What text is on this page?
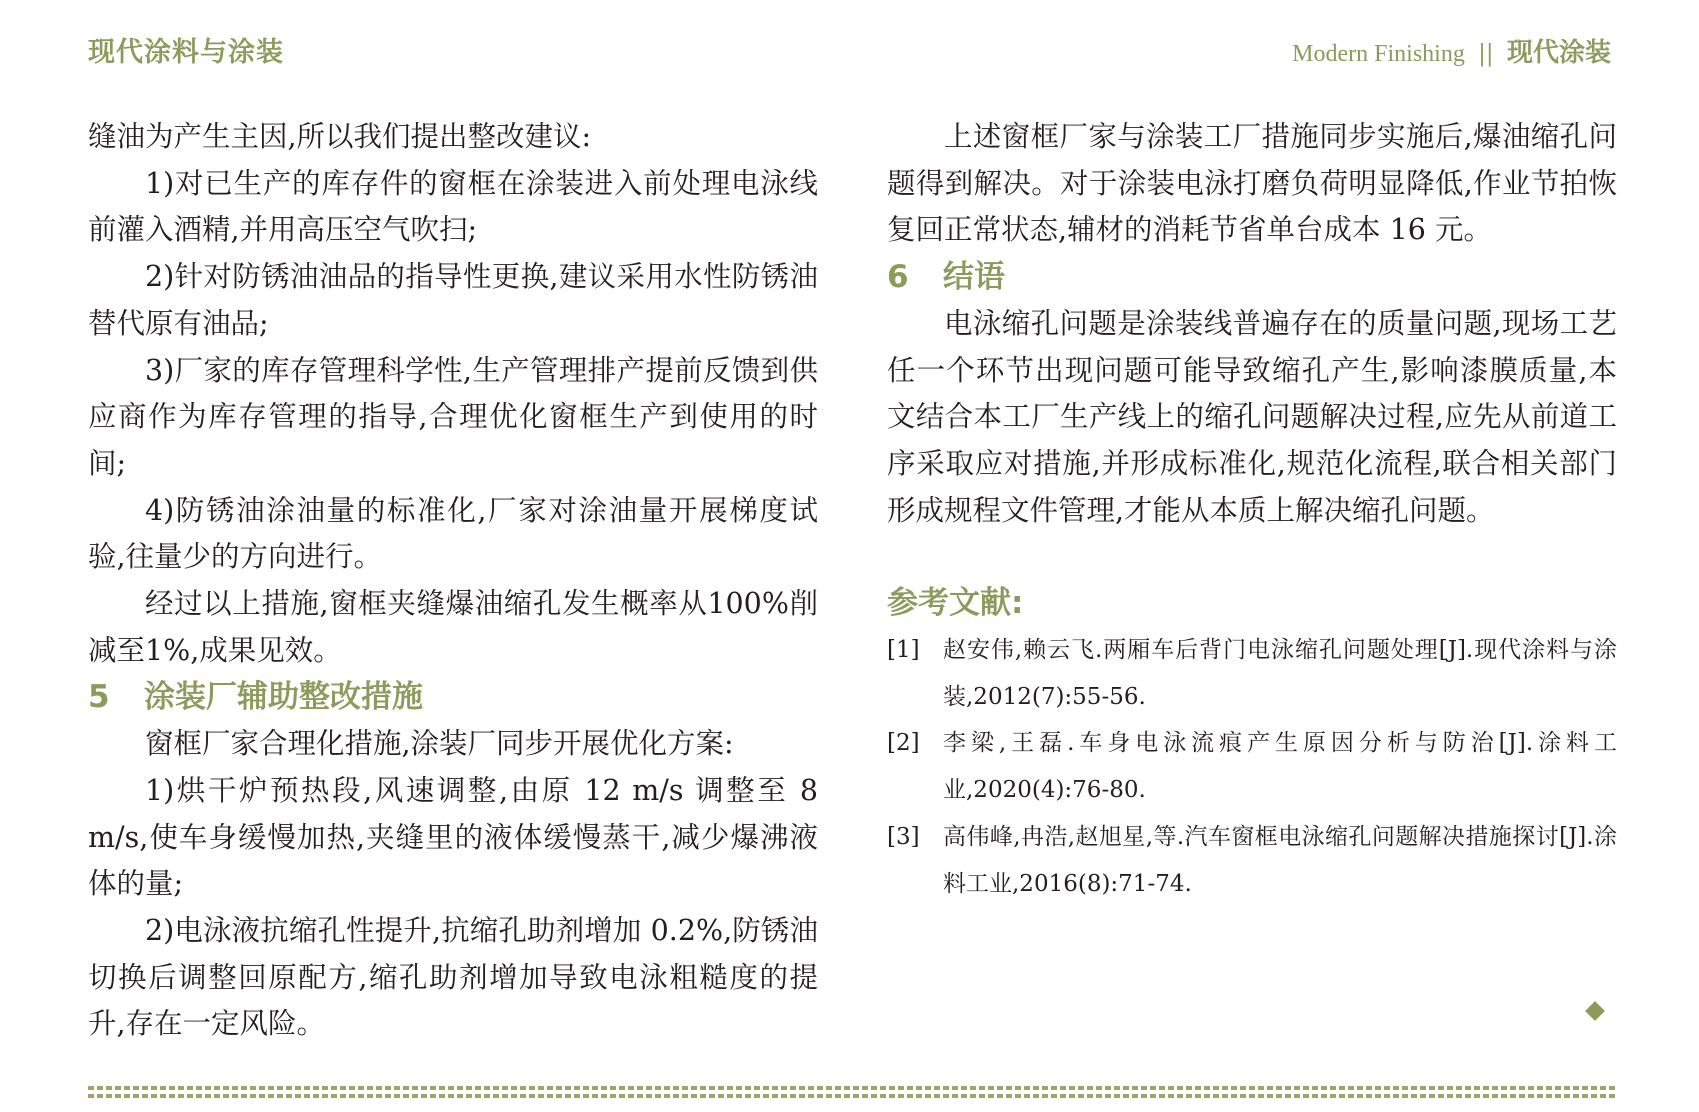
现代涂料与涂装	Modern Finishing || 现代涂装

缝油为产生主因,所以我们提出整改建议:

1)对已生产的库存件的窗框在涂装进入前处理电泳线前灌入酒精,并用高压空气吹扫;

2)针对防锈油油品的指导性更换,建议采用水性防锈油替代原有油品;

3)厂家的库存管理科学性,生产管理排产提前反馈到供应商作为库存管理的指导,合理优化窗框生产到使用的时间;

4)防锈油涂油量的标准化,厂家对涂油量开展梯度试验,往量少的方向进行。

经过以上措施,窗框夹缝爆油缩孔发生概率从100%削减至1%,成果见效。

5 涂装厂辅助整改措施

窗框厂家合理化措施,涂装厂同步开展优化方案:

1)烘干炉预热段,风速调整,由原 12 m/s 调整至 8 m/s,使车身缓慢加热,夹缝里的液体缓慢蒸干,减少爆沸液体的量;

2)电泳液抗缩孔性提升,抗缩孔助剂增加 0.2%,防锈油切换后调整回原配方,缩孔助剂增加导致电泳粗糙度的提升,存在一定风险。

上述窗框厂家与涂装工厂措施同步实施后,爆油缩孔问题得到解决。对于涂装电泳打磨负荷明显降低,作业节拍恢复回正常状态,辅材的消耗节省单台成本 16 元。

6 结语

电泳缩孔问题是涂装线普遍存在的质量问题,现场工艺任一个环节出现问题可能导致缩孔产生,影响漆膜质量,本文结合本工厂生产线上的缩孔问题解决过程,应先从前道工序采取应对措施,并形成标准化,规范化流程,联合相关部门形成规程文件管理,才能从本质上解决缩孔问题。

参考文献:
[1]	赵安伟,赖云飞.两厢车后背门电泳缩孔问题处理[J].现代涂料与涂装,2012(7):55-56.
[2]	李梁,王磊.车身电泳流痕产生原因分析与防治[J].涂料工业,2020(4):76-80.
[3]	高伟峰,冉浩,赵旭星,等.汽车窗框电泳缩孔问题解决措施探讨[J].涂料工业,2016(8):71-74.
